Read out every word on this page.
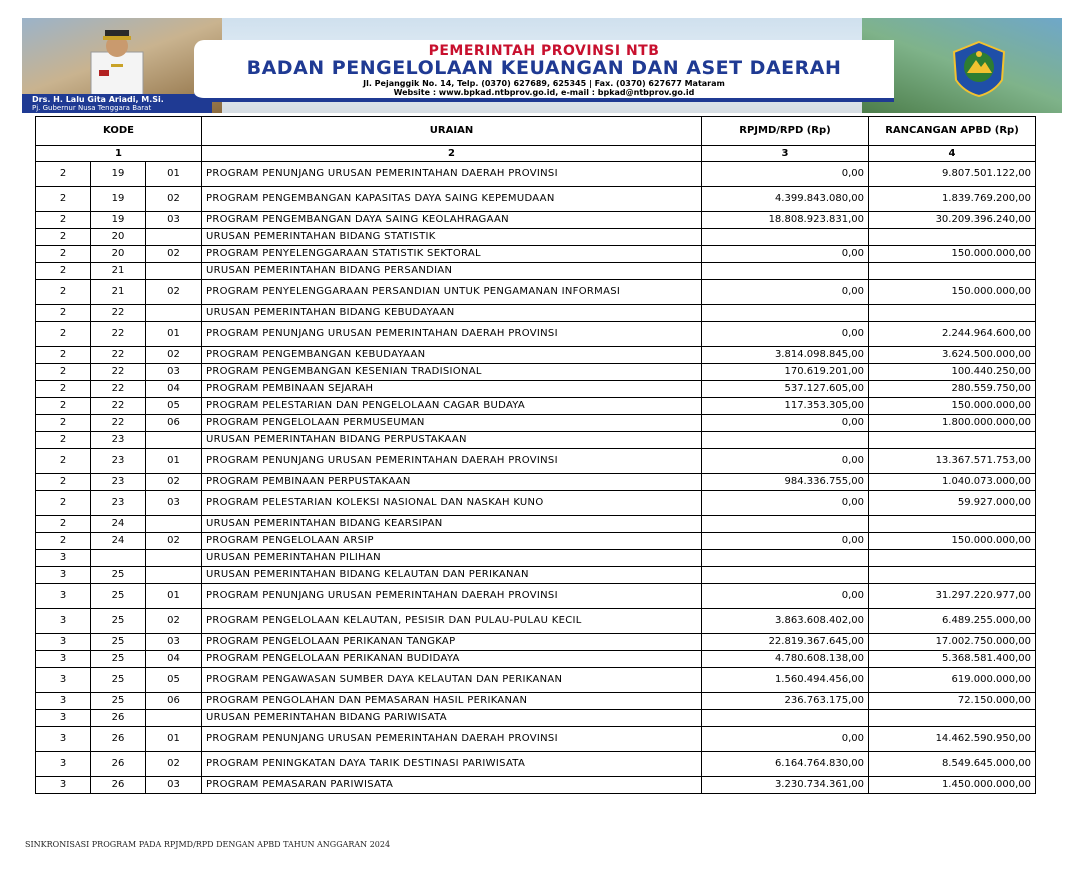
Drs. H. Lalu Gita Ariadi, M.Si.
Pj. Gubernur Nusa Tenggara Barat
PEMERINTAH PROVINSI NTB
BADAN PENGELOLAAN KEUANGAN DAN ASET DAERAH
Jl. Pejanggik No. 14, Telp. (0370) 627689, 625345 | Fax. (0370) 627677 Mataram
Website : www.bpkad.ntbprov.go.id, e-mail : bpkad@ntbprov.go.id
KODE			URAIAN	RPJMD/RPD (Rp)	RANCANGAN APBD (Rp)
1			2	3	4
2	19	01	PROGRAM PENUNJANG URUSAN PEMERINTAHAN DAERAH PROVINSI	0,00	9.807.501.122,00
2	19	02	PROGRAM PENGEMBANGAN KAPASITAS DAYA SAING KEPEMUDAAN	4.399.843.080,00	1.839.769.200,00
2	19	03	PROGRAM PENGEMBANGAN DAYA SAING KEOLAHRAGAAN	18.808.923.831,00	30.209.396.240,00
2	20		URUSAN PEMERINTAHAN BIDANG STATISTIK		
2	20	02	PROGRAM PENYELENGGARAAN STATISTIK SEKTORAL	0,00	150.000.000,00
2	21		URUSAN PEMERINTAHAN BIDANG PERSANDIAN		
2	21	02	PROGRAM PENYELENGGARAAN PERSANDIAN UNTUK PENGAMANAN INFORMASI	0,00	150.000.000,00
2	22		URUSAN PEMERINTAHAN BIDANG KEBUDAYAAN		
2	22	01	PROGRAM PENUNJANG URUSAN PEMERINTAHAN DAERAH PROVINSI	0,00	2.244.964.600,00
2	22	02	PROGRAM PENGEMBANGAN KEBUDAYAAN	3.814.098.845,00	3.624.500.000,00
2	22	03	PROGRAM PENGEMBANGAN KESENIAN TRADISIONAL	170.619.201,00	100.440.250,00
2	22	04	PROGRAM PEMBINAAN SEJARAH	537.127.605,00	280.559.750,00
2	22	05	PROGRAM PELESTARIAN DAN PENGELOLAAN CAGAR BUDAYA	117.353.305,00	150.000.000,00
2	22	06	PROGRAM PENGELOLAAN PERMUSEUMAN	0,00	1.800.000.000,00
2	23		URUSAN PEMERINTAHAN BIDANG PERPUSTAKAAN		
2	23	01	PROGRAM PENUNJANG URUSAN PEMERINTAHAN DAERAH PROVINSI	0,00	13.367.571.753,00
2	23	02	PROGRAM PEMBINAAN PERPUSTAKAAN	984.336.755,00	1.040.073.000,00
2	23	03	PROGRAM PELESTARIAN KOLEKSI NASIONAL DAN NASKAH KUNO	0,00	59.927.000,00
2	24		URUSAN PEMERINTAHAN BIDANG KEARSIPAN		
2	24	02	PROGRAM PENGELOLAAN ARSIP	0,00	150.000.000,00
3			URUSAN PEMERINTAHAN PILIHAN		
3	25		URUSAN PEMERINTAHAN BIDANG KELAUTAN DAN PERIKANAN		
3	25	01	PROGRAM PENUNJANG URUSAN PEMERINTAHAN DAERAH PROVINSI	0,00	31.297.220.977,00
3	25	02	PROGRAM PENGELOLAAN KELAUTAN, PESISIR DAN PULAU-PULAU KECIL	3.863.608.402,00	6.489.255.000,00
3	25	03	PROGRAM PENGELOLAAN PERIKANAN TANGKAP	22.819.367.645,00	17.002.750.000,00
3	25	04	PROGRAM PENGELOLAAN PERIKANAN BUDIDAYA	4.780.608.138,00	5.368.581.400,00
3	25	05	PROGRAM PENGAWASAN SUMBER DAYA KELAUTAN DAN PERIKANAN	1.560.494.456,00	619.000.000,00
3	25	06	PROGRAM PENGOLAHAN DAN PEMASARAN HASIL PERIKANAN	236.763.175,00	72.150.000,00
3	26		URUSAN PEMERINTAHAN BIDANG PARIWISATA		
3	26	01	PROGRAM PENUNJANG URUSAN PEMERINTAHAN DAERAH PROVINSI	0,00	14.462.590.950,00
3	26	02	PROGRAM PENINGKATAN DAYA TARIK DESTINASI PARIWISATA	6.164.764.830,00	8.549.645.000,00
3	26	03	PROGRAM PEMASARAN PARIWISATA	3.230.734.361,00	1.450.000.000,00
SINKRONISASI PROGRAM PADA RPJMD/RPD DENGAN APBD TAHUN ANGGARAN 2024
